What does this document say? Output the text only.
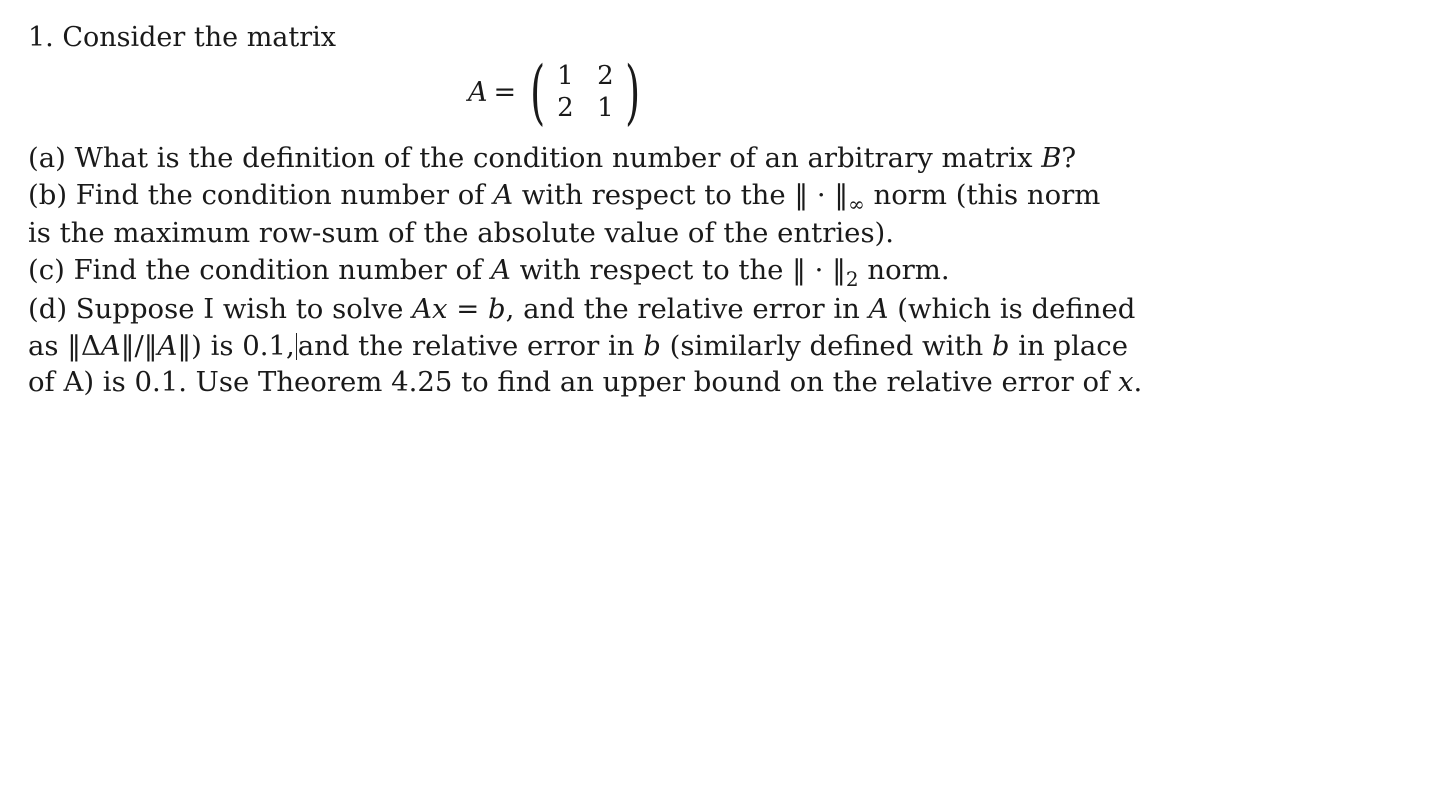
1. Consider the matrix
A = ( 1 2
2 1 )
(a) What is the definition of the condition number of an arbitrary matrix B?
(b) Find the condition number of A with respect to the ‖ · $‖_\infty$ norm (this norm
is the maximum row-sum of the absolute value of the entries).
(c) Find the condition number of A with respect to the ‖ · $‖_2$ norm.
(d) Suppose I wish to solve Ax = b, and the relative error in A (which is defined
as ‖ΔA‖/‖A‖) is 0.1, and the relative error in b (similarly defined with b in place
of A) is 0.1. Use Theorem 4.25 to find an upper bound on the relative error of x.
